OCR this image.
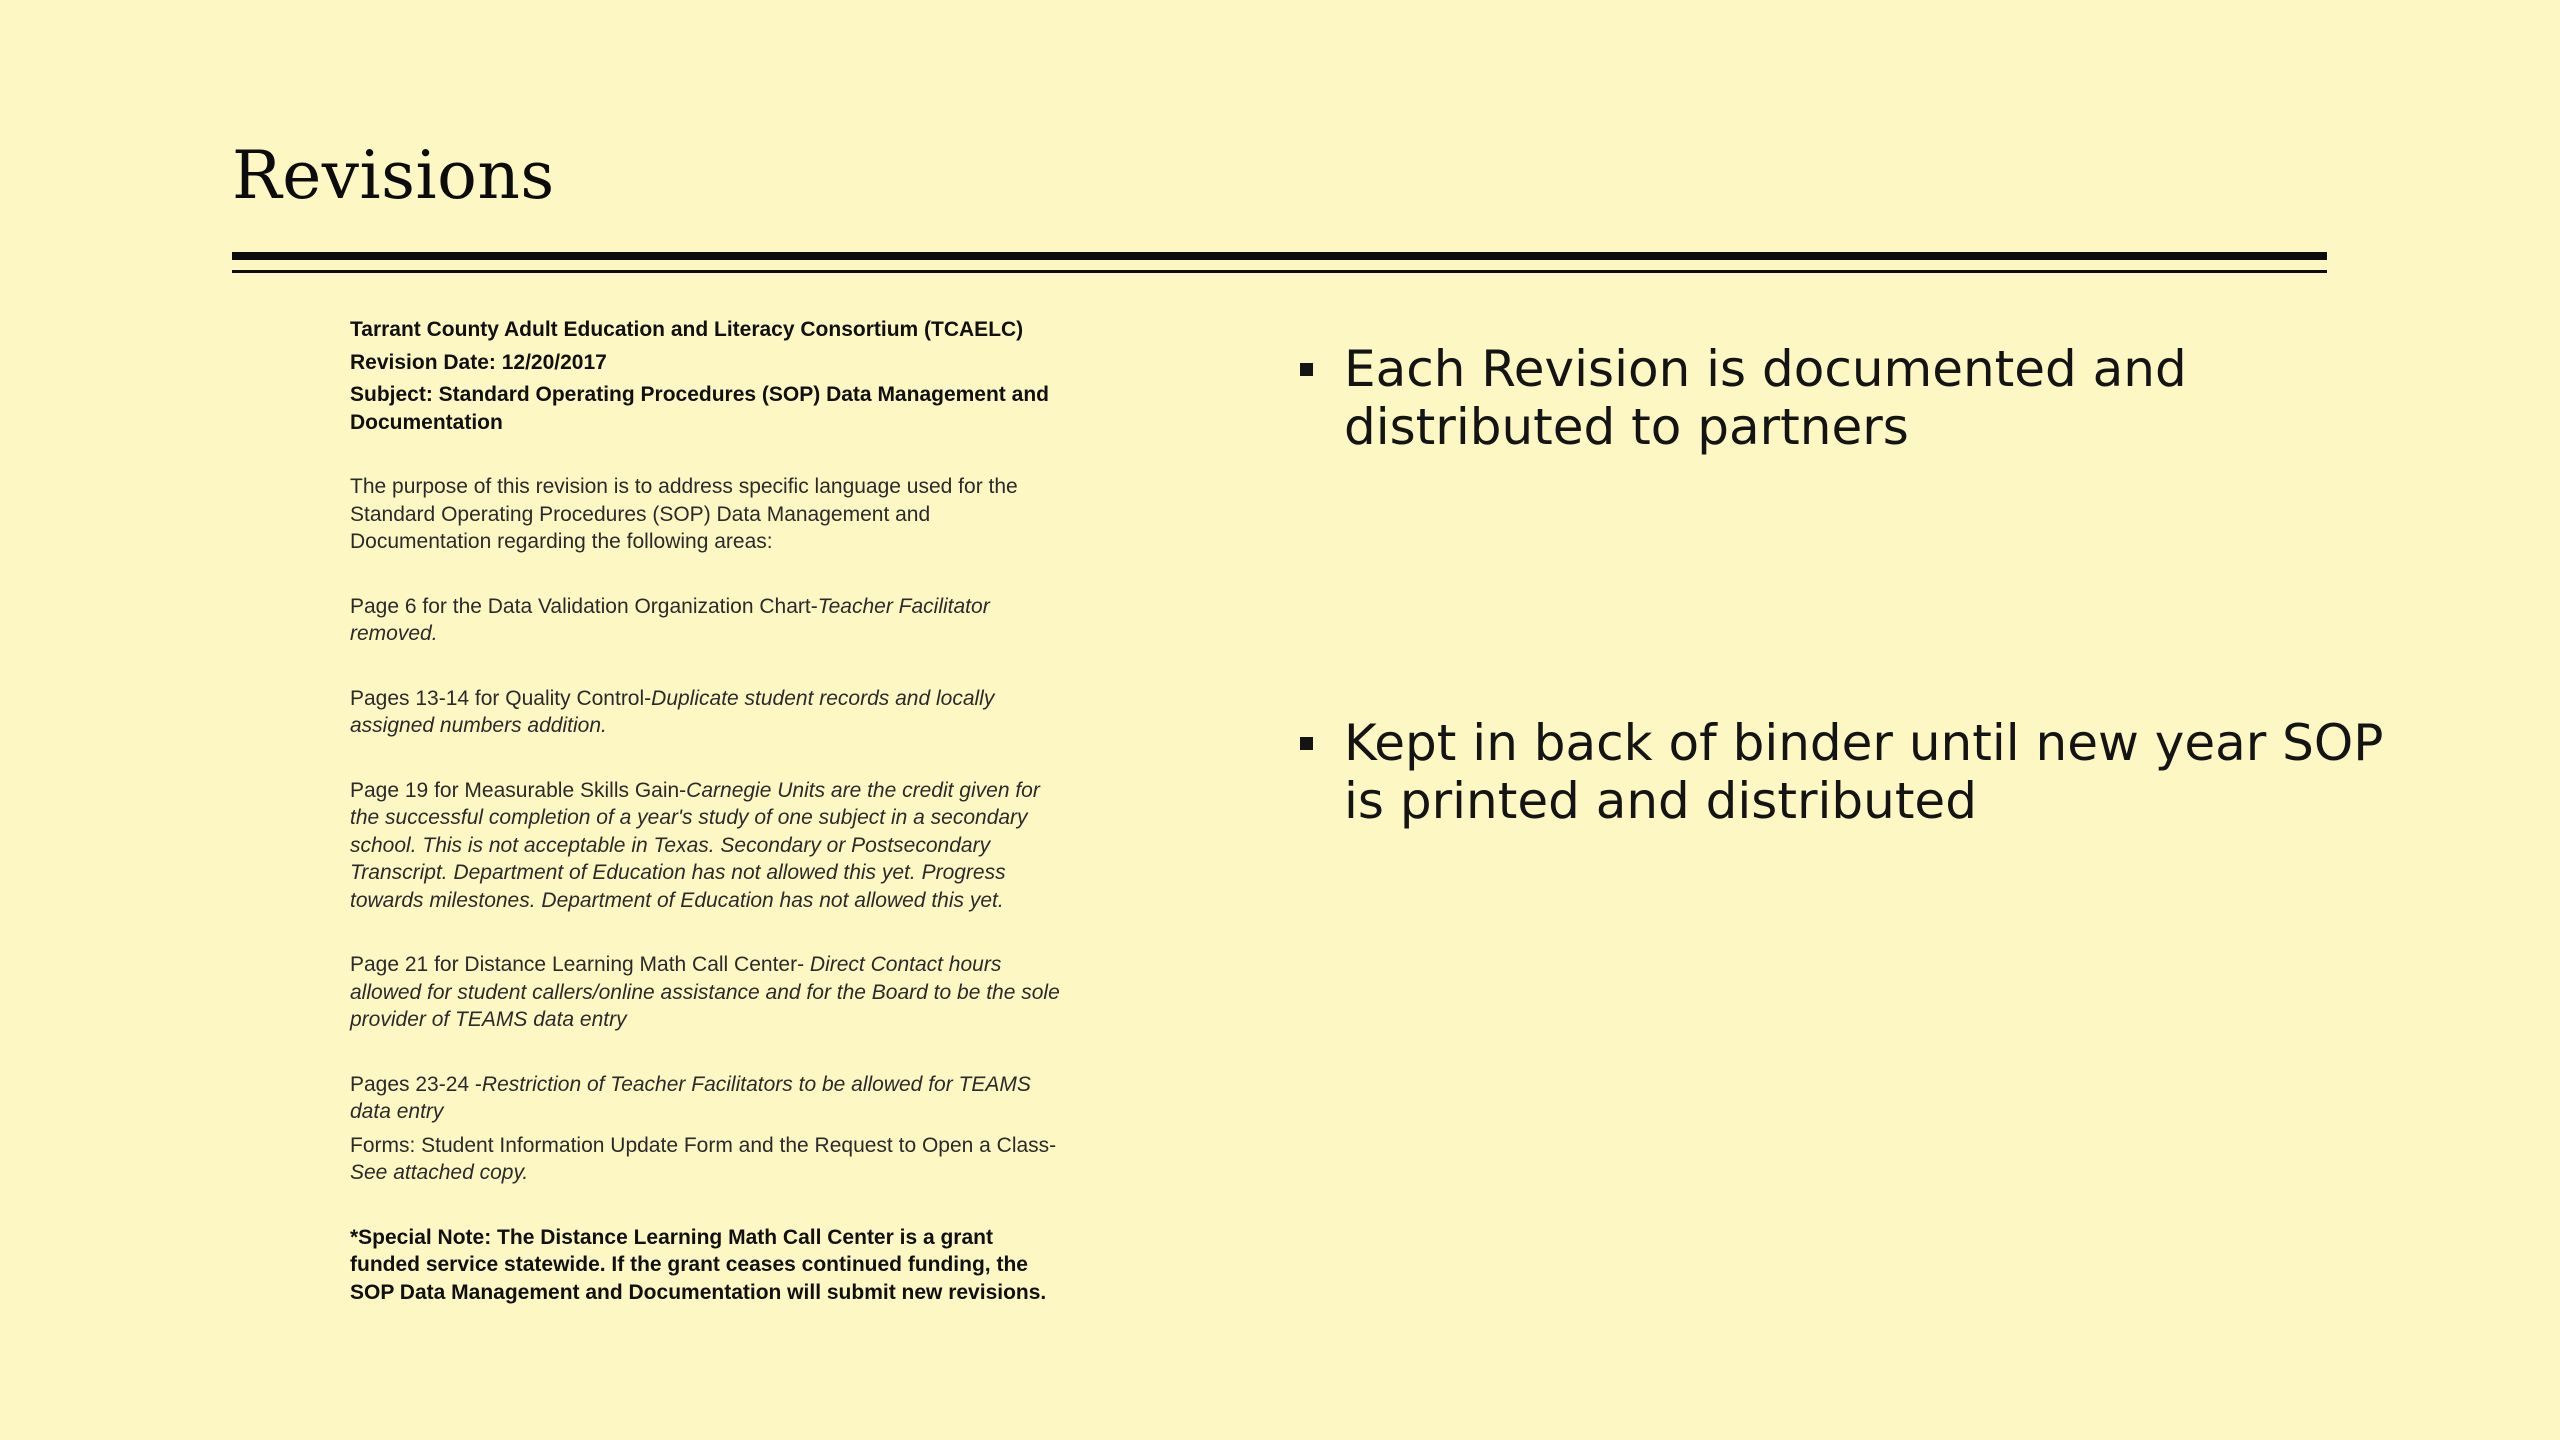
Revisions

Tarrant County Adult Education and Literacy Consortium (TCAELC)

Revision Date: 12/20/2017

Subject: Standard Operating Procedures (SOP) Data Management and Documentation

The purpose of this revision is to address specific language used for the Standard Operating Procedures (SOP) Data Management and Documentation regarding the following areas:

Page 6 for the Data Validation Organization Chart-Teacher Facilitator removed.

Pages 13-14 for Quality Control-Duplicate student records and locally assigned numbers addition.

Page 19 for Measurable Skills Gain-Carnegie Units are the credit given for the successful completion of a year's study of one subject in a secondary school. This is not acceptable in Texas. Secondary or Postsecondary Transcript. Department of Education has not allowed this yet. Progress towards milestones. Department of Education has not allowed this yet.

Page 21 for Distance Learning Math Call Center- Direct Contact hours allowed for student callers/online assistance and for the Board to be the sole provider of TEAMS data entry

Pages 23-24 -Restriction of Teacher Facilitators to be allowed for TEAMS data entry

Forms: Student Information Update Form and the Request to Open a Class-See attached copy.

*Special Note: The Distance Learning Math Call Center is a grant funded service statewide. If the grant ceases continued funding, the SOP Data Management and Documentation will submit new revisions.

Each Revision is documented and distributed to partners
Kept in back of binder until new year SOP is printed and distributed
